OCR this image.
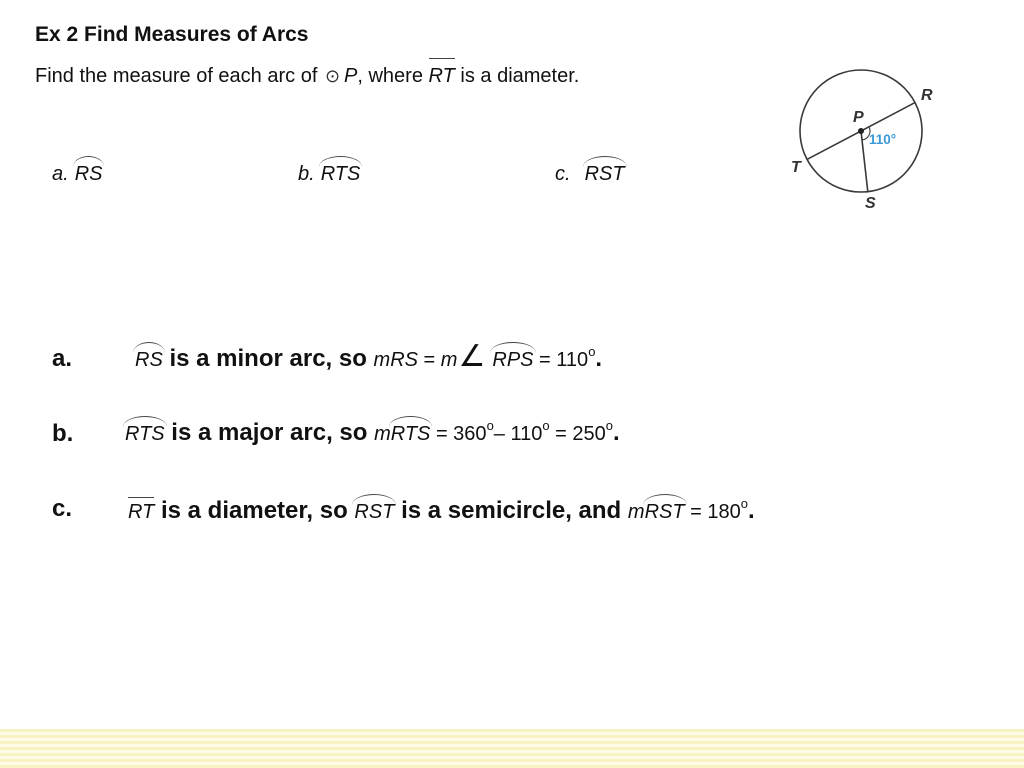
Ex 2 Find Measures of Arcs
Find the measure of each arc of ⊙ P, where RT is a diameter.
a. RS	b. RTS	c. RST
P
R
T
S
110°
a.	RS is a minor arc, so mRS = m∠ RPS = $110^o$.
b.	RTS is a major arc, so mRTS = $360^o-$ $110^o = 250^o$.
c.	RT is a diameter, so RST is a semicircle, and mRST = $180^o$.
